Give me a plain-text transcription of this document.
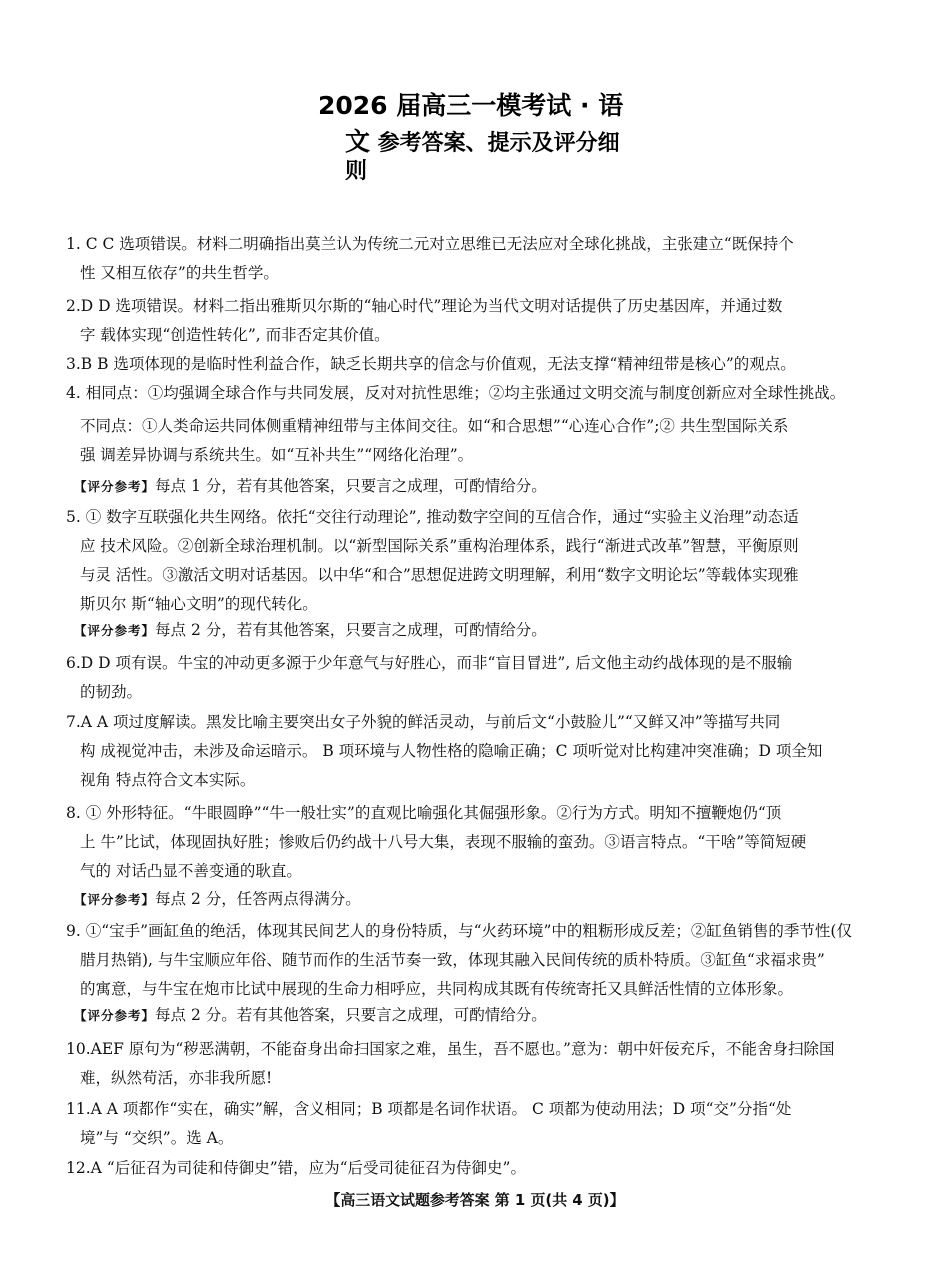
2026 届高三一模考试 · 语
文 参考答案、提示及评分细
则
1. C C 选项错误。材料二明确指出莫兰认为传统二元对立思维已无法应对全球化挑战，主张建立“既保持个
性 又相互依存”的共生哲学。
2.D D 选项错误。材料二指出雅斯贝尔斯的“轴心时代”理论为当代文明对话提供了历史基因库，并通过数
字 载体实现“创造性转化”, 而非否定其价值。
3.B B 选项体现的是临时性利益合作，缺乏长期共享的信念与价值观，无法支撑“精神纽带是核心”的观点。
4. 相同点：①均强调全球合作与共同发展，反对对抗性思维；②均主张通过文明交流与制度创新应对全球性挑战。
不同点：①人类命运共同体侧重精神纽带与主体间交往。如“和合思想”“心连心合作”;② 共生型国际关系
强 调差异协调与系统共生。如“互补共生”“网络化治理”。
【评分参考】每点 1 分，若有其他答案，只要言之成理，可酌情给分。
5. ① 数字互联强化共生网络。依托“交往行动理论”, 推动数字空间的互信合作，通过“实验主义治理”动态适
应 技术风险。②创新全球治理机制。以“新型国际关系”重构治理体系，践行“渐进式改革”智慧，平衡原则
与灵 活性。③激活文明对话基因。以中华“和合”思想促进跨文明理解，利用“数字文明论坛”等载体实现雅
斯贝尔 斯“轴心文明”的现代转化。
【评分参考】每点 2 分，若有其他答案，只要言之成理，可酌情给分。
6.D D 项有误。牛宝的冲动更多源于少年意气与好胜心，而非“盲目冒进”, 后文他主动约战体现的是不服输
的韧劲。
7.A A 项过度解读。黑发比喻主要突出女子外貌的鲜活灵动，与前后文“小鼓脸儿”“又鲜又冲”等描写共同
构 成视觉冲击，未涉及命运暗示。 B 项环境与人物性格的隐喻正确；C 项听觉对比构建冲突准确；D 项全知
视角 特点符合文本实际。
8. ① 外形特征。“牛眼圆睁”“牛一般壮实”的直观比喻强化其倔强形象。②行为方式。明知不擅鞭炮仍“顶
上 牛”比试，体现固执好胜；惨败后仍约战十八号大集，表现不服输的蛮劲。③语言特点。“干啥”等简短硬
气的 对话凸显不善变通的耿直。
【评分参考】每点 2 分，任答两点得满分。
9. ①“宝手”画缸鱼的绝活，体现其民间艺人的身份特质，与“火药环境”中的粗粝形成反差；②缸鱼销售的季节性(仅
腊月热销), 与牛宝顺应年俗、随节而作的生活节奏一致，体现其融入民间传统的质朴特质。③缸鱼“求福求贵”
的寓意，与牛宝在炮市比试中展现的生命力相呼应，共同构成其既有传统寄托又具鲜活性情的立体形象。
【评分参考】每点 2 分。若有其他答案，只要言之成理，可酌情给分。
10.AEF 原句为“秽恶满朝，不能奋身出命扫国家之难，虽生，吾不愿也。”意为：朝中奸佞充斥，不能舍身扫除国
难，纵然苟活，亦非我所愿!
11.A A 项都作“实在，确实”解，含义相同；B 项都是名词作状语。 C 项都为使动用法；D 项“交”分指“处
境”与 “交织”。选 A。
12.A “后征召为司徒和侍御史”错，应为“后受司徒征召为侍御史”。
【高三语文试题参考答案 第 1 页(共 4 页)】
